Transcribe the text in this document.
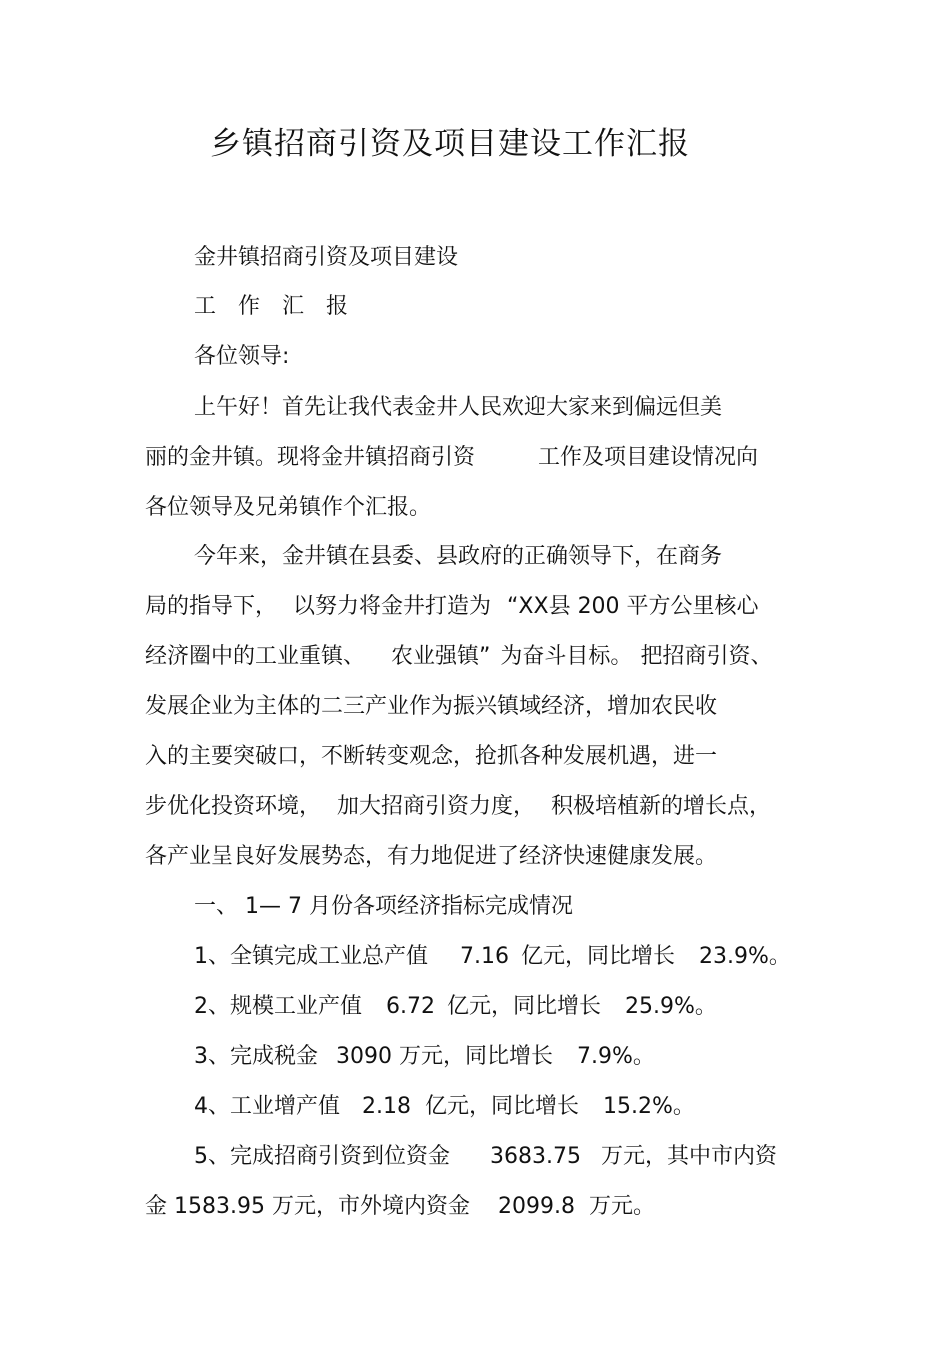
乡镇招商引资及项目建设工作汇报
金井镇招商引资及项目建设
工作汇报
各位领导:
上午好！首先让我代表金井人民欢迎大家来到偏远但美
丽的金井镇。现将金井镇招商引资	工作及项目建设情况向
各位领导及兄弟镇作个汇报。
今年来，金井镇在县委、县政府的正确领导下，在商务
局的指导下， 以努力将金井打造为 “XX县 200 平方公里核心
经济圈中的工业重镇、 农业强镇” 为奋斗目标。 把招商引资、
发展企业为主体的二三产业作为振兴镇域经济，增加农民收
入的主要突破口，不断转变观念，抢抓各种发展机遇，进一
步优化投资环境， 加大招商引资力度， 积极培植新的增长点，
各产业呈良好发展势态，有力地促进了经济快速健康发展。
一、 1— 7 月份各项经济指标完成情况
1、全镇完成工业总产值 7.16 亿元，同比增长 23.9%。
2、规模工业产值 6.72 亿元，同比增长 25.9%。
3、完成税金 3090 万元，同比增长 7.9%。
4、工业增产值 2.18 亿元，同比增长 15.2%。
5、完成招商引资到位资金 3683.75 万元，其中市内资
金 1583.95 万元，市外境内资金 2099.8 万元。
